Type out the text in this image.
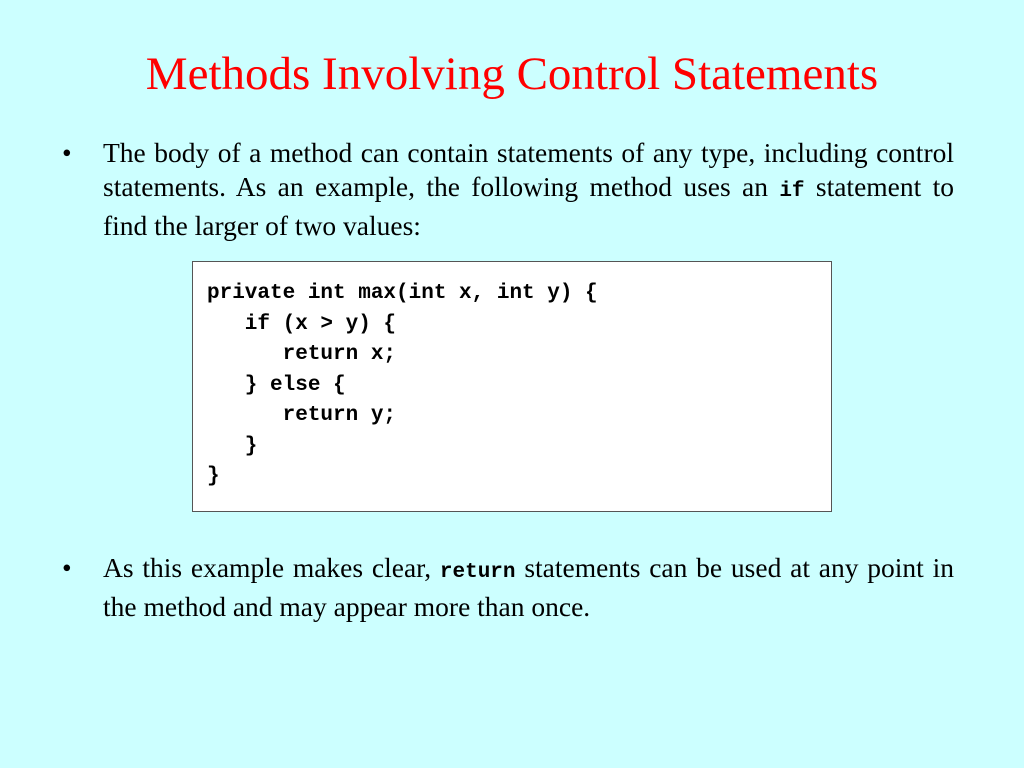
Methods Involving Control Statements
•	The body of a method can contain statements of any type, including control statements. As an example, the following method uses an if statement to find the larger of two values:
private int max(int x, int y) {
if (x > y) {
return x;
} else {
return y;
}
}
•	As this example makes clear, return statements can be used at any point in the method and may appear more than once.
